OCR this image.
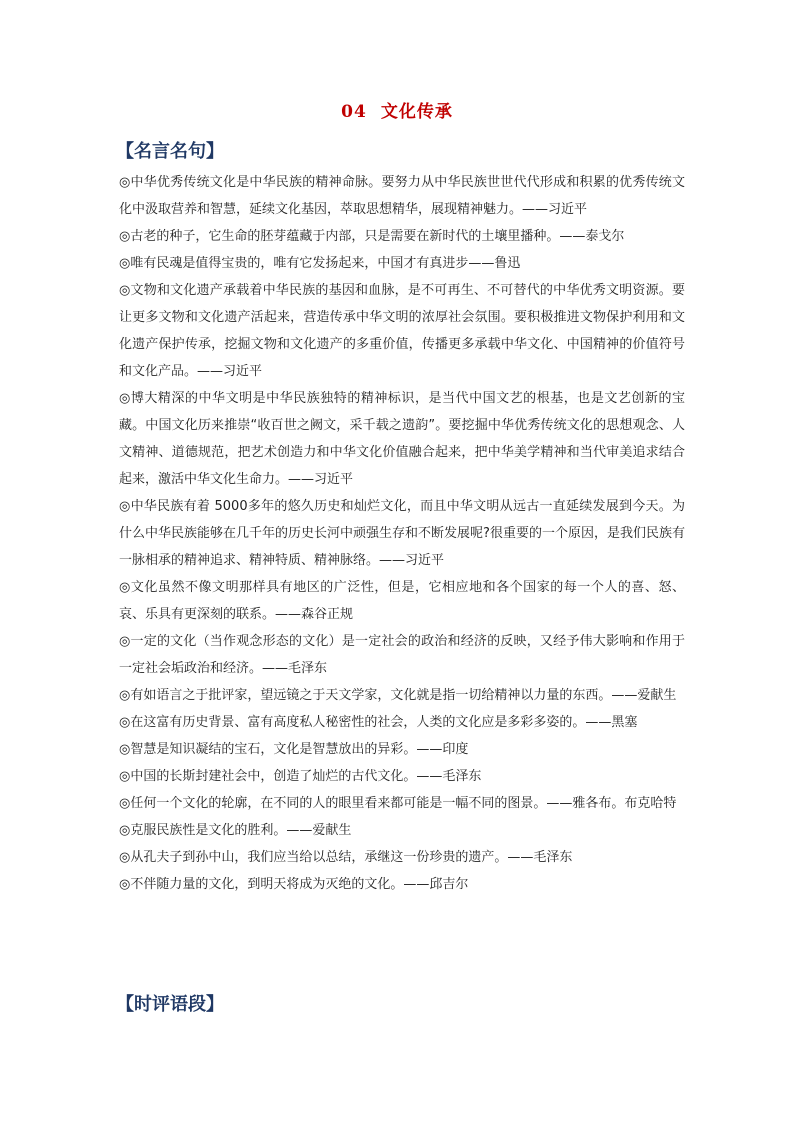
04 文化传承
【名言名句】

◎中华优秀传统文化是中华民族的精神命脉。要努力从中华民族世世代代形成和积累的优秀传统文化中汲取营养和智慧，延续文化基因，萃取思想精华，展现精神魅力。——习近平

◎古老的种子，它生命的胚芽蕴藏于内部，只是需要在新时代的土壤里播种。——泰戈尔

◎唯有民魂是值得宝贵的，唯有它发扬起来，中国才有真进步——鲁迅

◎文物和文化遗产承载着中华民族的基因和血脉，是不可再生、不可替代的中华优秀文明资源。要让更多文物和文化遗产活起来，营造传承中华文明的浓厚社会氛围。要积极推进文物保护利用和文化遗产保护传承，挖掘文物和文化遗产的多重价值，传播更多承载中华文化、中国精神的价值符号和文化产品。——习近平

◎博大精深的中华文明是中华民族独特的精神标识，是当代中国文艺的根基，也是文艺创新的宝藏。中国文化历来推崇“收百世之阙文，采千载之遗韵”。要挖掘中华优秀传统文化的思想观念、人文精神、道德规范，把艺术创造力和中华文化价值融合起来，把中华美学精神和当代审美追求结合起来，激活中华文化生命力。——习近平

◎中华民族有着 5000多年的悠久历史和灿烂文化，而且中华文明从远古一直延续发展到今天。为什么中华民族能够在几千年的历史长河中顽强生存和不断发展呢?很重要的一个原因，是我们民族有一脉相承的精神追求、精神特质、精神脉络。——习近平

◎文化虽然不像文明那样具有地区的广泛性，但是，它相应地和各个国家的每一个人的喜、怒、哀、乐具有更深刻的联系。——森谷正规

◎一定的文化（当作观念形态的文化）是一定社会的政治和经济的反映，又经予伟大影响和作用于一定社会垢政治和经济。——毛泽东

◎有如语言之于批评家，望远镜之于天文学家，文化就是指一切给精神以力量的东西。——爱献生

◎在这富有历史背景、富有高度私人秘密性的社会，人类的文化应是多彩多姿的。——黑塞

◎智慧是知识凝结的宝石，文化是智慧放出的异彩。——印度

◎中国的长斯封建社会中，创造了灿烂的古代文化。——毛泽东

◎任何一个文化的轮廓，在不同的人的眼里看来都可能是一幅不同的图景。——雅各布。布克哈特

◎克服民族性是文化的胜利。——爱献生

◎从孔夫子到孙中山，我们应当给以总结，承继这一份珍贵的遗产。——毛泽东

◎不伴随力量的文化，到明天将成为灭绝的文化。——邱吉尔

【时评语段】
